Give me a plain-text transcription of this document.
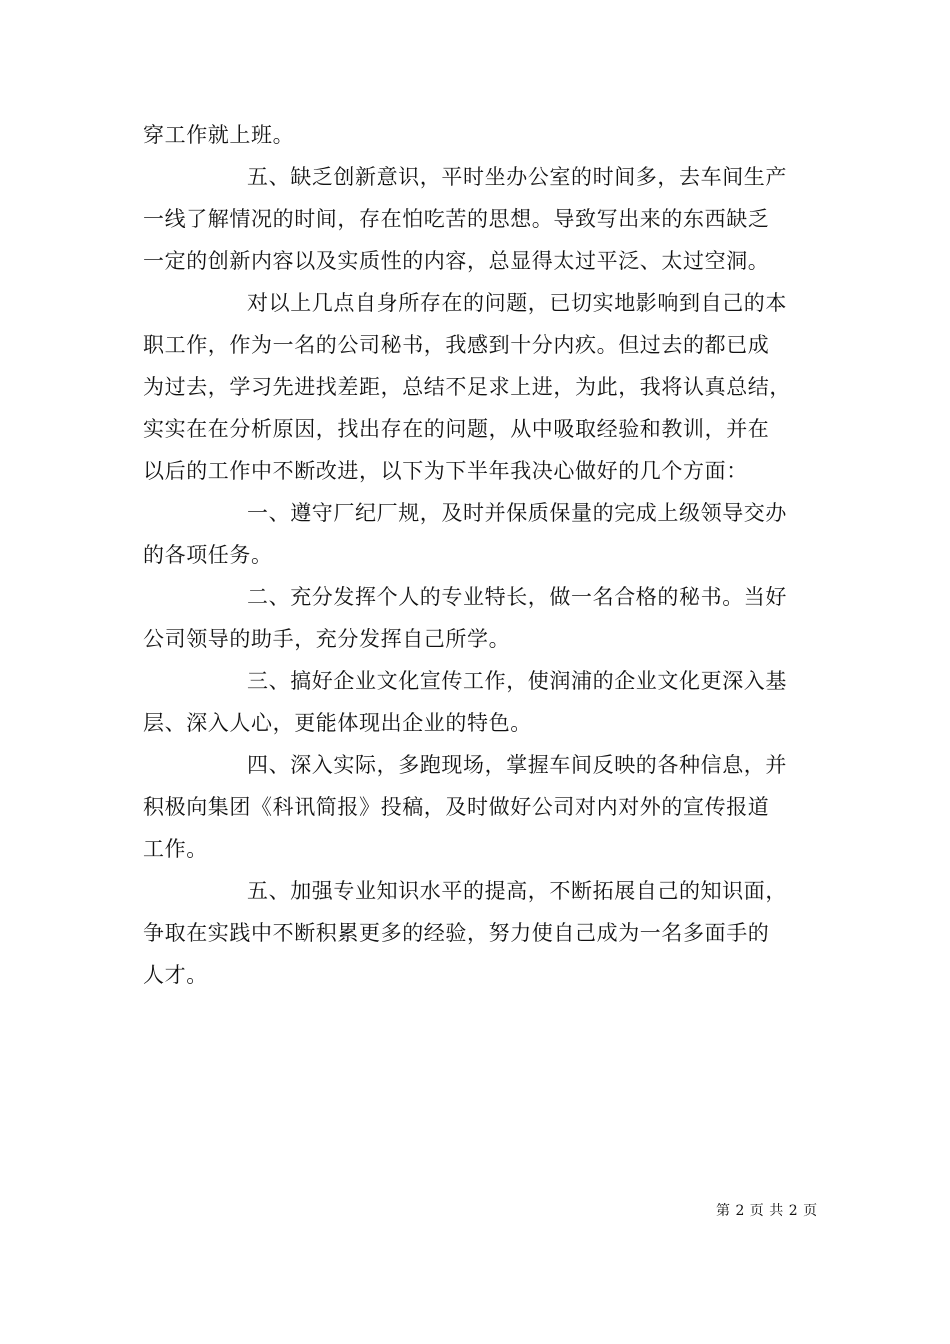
穿工作就上班。

五、缺乏创新意识，平时坐办公室的时间多，去车间生产

一线了解情况的时间，存在怕吃苦的思想。导致写出来的东西缺乏

一定的创新内容以及实质性的内容，总显得太过平泛、太过空洞。

对以上几点自身所存在的问题，已切实地影响到自己的本

职工作，作为一名的公司秘书，我感到十分内疚。但过去的都已成

为过去，学习先进找差距，总结不足求上进，为此，我将认真总结，

实实在在分析原因，找出存在的问题，从中吸取经验和教训，并在

以后的工作中不断改进，以下为下半年我决心做好的几个方面：

一、遵守厂纪厂规，及时并保质保量的完成上级领导交办

的各项任务。

二、充分发挥个人的专业特长，做一名合格的秘书。当好

公司领导的助手，充分发挥自己所学。

三、搞好企业文化宣传工作，使润浦的企业文化更深入基

层、深入人心，更能体现出企业的特色。

四、深入实际，多跑现场，掌握车间反映的各种信息，并

积极向集团《科讯简报》投稿，及时做好公司对内对外的宣传报道

工作。

五、加强专业知识水平的提高，不断拓展自己的知识面，

争取在实践中不断积累更多的经验，努力使自己成为一名多面手的

人才。

第 2 页 共 2 页
